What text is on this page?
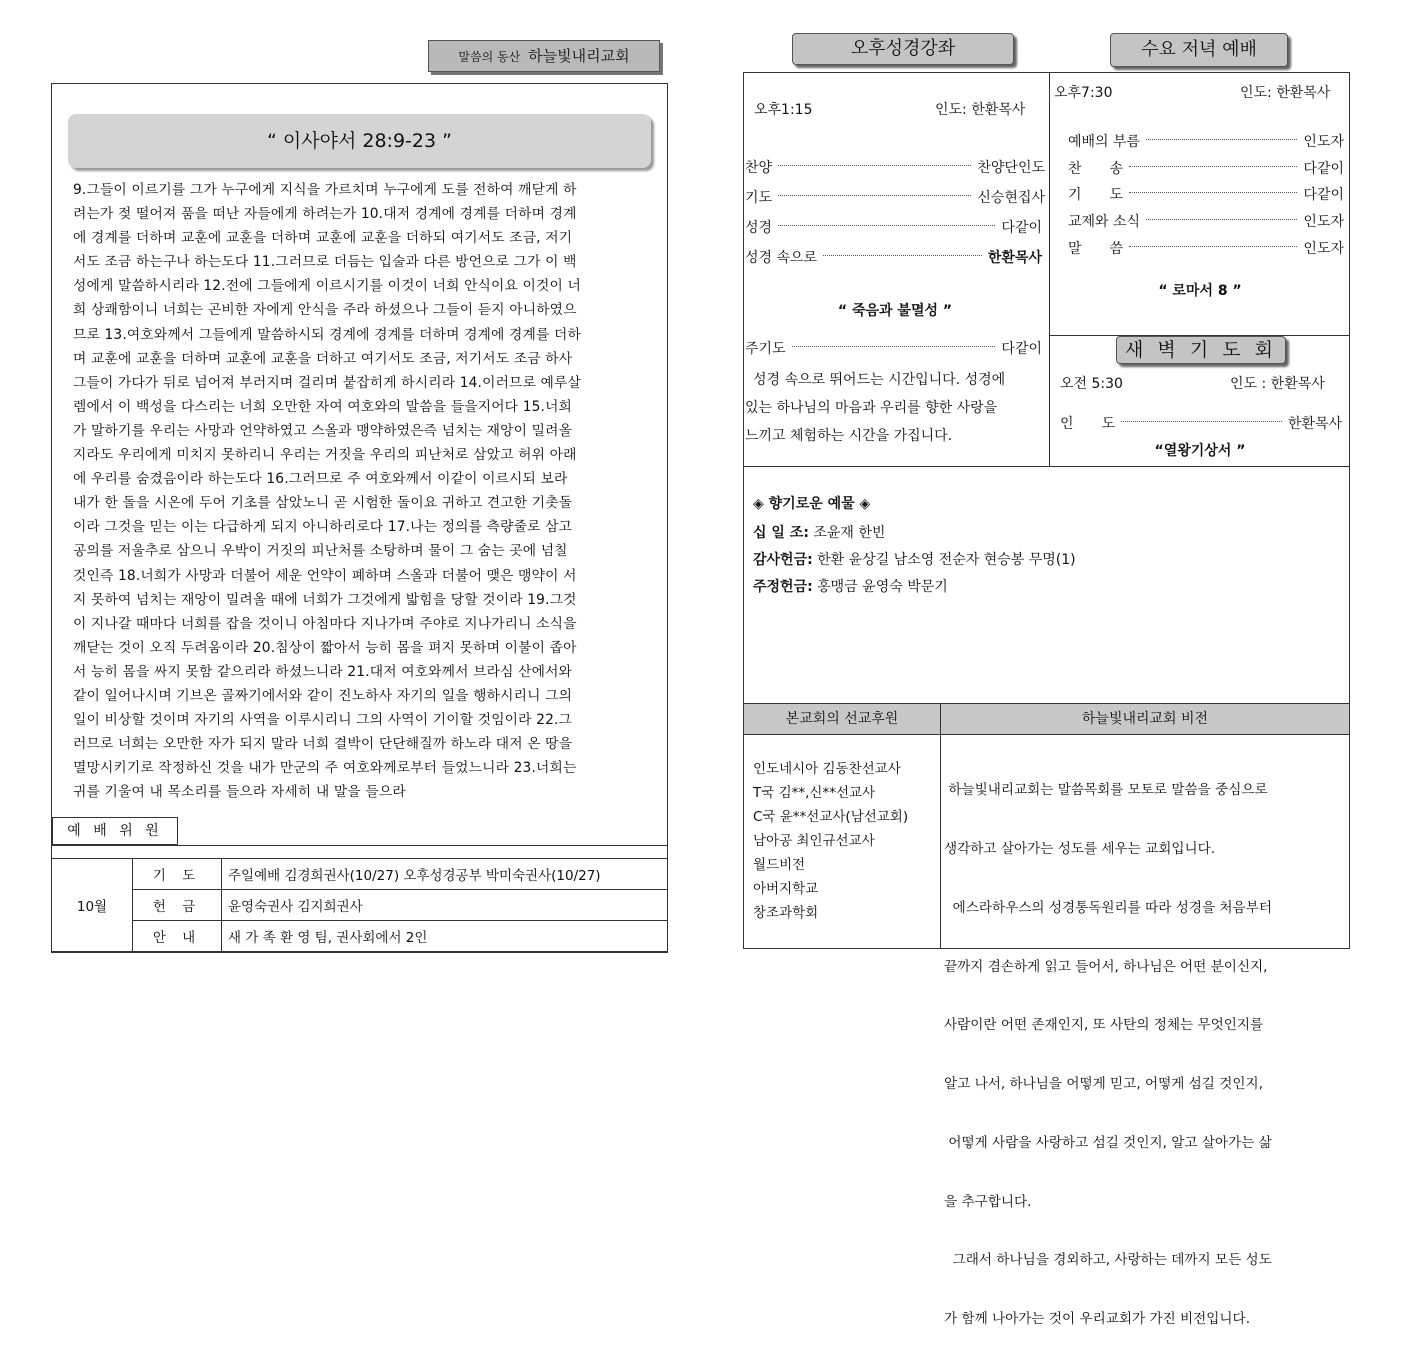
말씀의 동산 하늘빛내리교회
“ 이사야서 28:9-23 ”
9.그들이 이르기를 그가 누구에게 지식을 가르치며 누구에게 도를 전하여 깨닫게 하
려는가 젖 떨어져 품을 떠난 자들에게 하려는가 10.대저 경계에 경계를 더하며 경계
에 경계를 더하며 교훈에 교훈을 더하며 교훈에 교훈을 더하되 여기서도 조금, 저기
서도 조금 하는구나 하는도다 11.그러므로 더듬는 입술과 다른 방언으로 그가 이 백
성에게 말씀하시리라 12.전에 그들에게 이르시기를 이것이 너희 안식이요 이것이 너
희 상쾌함이니 너희는 곤비한 자에게 안식을 주라 하셨으나 그들이 듣지 아니하였으
므로 13.여호와께서 그들에게 말씀하시되 경계에 경계를 더하며 경계에 경계를 더하
며 교훈에 교훈을 더하며 교훈에 교훈을 더하고 여기서도 조금, 저기서도 조금 하사
그들이 가다가 뒤로 넘어져 부러지며 걸리며 붙잡히게 하시리라 14.이러므로 예루살
렘에서 이 백성을 다스리는 너희 오만한 자여 여호와의 말씀을 들을지어다 15.너희
가 말하기를 우리는 사망과 언약하였고 스올과 맹약하였은즉 넘치는 재앙이 밀려올
지라도 우리에게 미치지 못하리니 우리는 거짓을 우리의 피난처로 삼았고 허위 아래
에 우리를 숨겼음이라 하는도다 16.그러므로 주 여호와께서 이같이 이르시되 보라
내가 한 돌을 시온에 두어 기초를 삼았노니 곧 시험한 돌이요 귀하고 견고한 기촛돌
이라 그것을 믿는 이는 다급하게 되지 아니하리로다 17.나는 정의를 측량줄로 삼고
공의를 저울추로 삼으니 우박이 거짓의 피난처를 소탕하며 물이 그 숨는 곳에 넘칠
것인즉 18.너희가 사망과 더불어 세운 언약이 폐하며 스올과 더불어 맺은 맹약이 서
지 못하여 넘치는 재앙이 밀려올 때에 너희가 그것에게 밟힘을 당할 것이라 19.그것
이 지나갈 때마다 너희를 잡을 것이니 아침마다 지나가며 주야로 지나가리니 소식을
깨닫는 것이 오직 두려움이라 20.침상이 짧아서 능히 몸을 펴지 못하며 이불이 좁아
서 능히 몸을 싸지 못함 같으리라 하셨느니라 21.대저 여호와께서 브라심 산에서와
같이 일어나시며 기브온 골짜기에서와 같이 진노하사 자기의 일을 행하시리니 그의
일이 비상할 것이며 자기의 사역을 이루시리니 그의 사역이 기이할 것임이라 22.그
러므로 너희는 오만한 자가 되지 말라 너희 결박이 단단해질까 하노라 대저 온 땅을
멸망시키기로 작정하신 것을 내가 만군의 주 여호와께로부터 들었느니라 23.너희는
귀를 기울여 내 목소리를 들으라 자세히 내 말을 들으라
예 배 위 원
10월	기 도	주일예배 김경희권사(10/27) 오후성경공부 박미숙권사(10/27)
	헌 금	윤영숙권사 김지희권사
	안 내	새 가 족 환 영 팀, 권사회에서 2인
오후성경강좌	수요 저녁 예배
오후1:15	인도: 한환목사
찬양	찬양단인도
기도	신승현집사
성경	다같이
성경 속으로	한환목사
“ 죽음과 불멸성 ”
주기도	다같이
성경 속으로 뛰어드는 시간입니다. 성경에
있는 하나님의 마음과 우리를 향한 사랑을
느끼고 체험하는 시간을 가집니다.
오후7:30	인도: 한환목사
예배의 부름	인도자
찬　　송	다같이
기　　도	다같이
교제와 소식	인도자
말　　씀	인도자
“ 로마서 8 ”
새 벽 기 도 회
오전 5:30	인도 : 한환목사
인　　도	한환목사
“열왕기상서 ”
◈ 향기로운 예물 ◈
십 일 조: 조윤재 한빈
감사헌금: 한환 윤상길 남소영 전순자 현승봉 무명(1)
주정헌금: 홍맹금 윤영숙 박문기
본교회의 선교후원	하늘빛내리교회 비전
인도네시아 김동찬선교사
T국 김**,신**선교사
C국 윤**선교사(남선교회)
남아공 최인규선교사
월드비전
아버지학교
창조과학회

하늘빛내리교회는 말씀목회를 모토로 말씀을 중심으로

생각하고 살아가는 성도를 세우는 교회입니다.

에스라하우스의 성경통독원리를 따라 성경을 처음부터

끝까지 겸손하게 읽고 들어서, 하나님은 어떤 분이신지,

사람이란 어떤 존재인지, 또 사탄의 정체는 무엇인지를

알고 나서, 하나님을 어떻게 믿고, 어떻게 섬길 것인지,

어떻게 사람을 사랑하고 섬길 것인지, 알고 살아가는 삶

을 추구합니다.

그래서 하나님을 경외하고, 사랑하는 데까지 모든 성도

가 함께 나아가는 것이 우리교회가 가진 비전입니다.
